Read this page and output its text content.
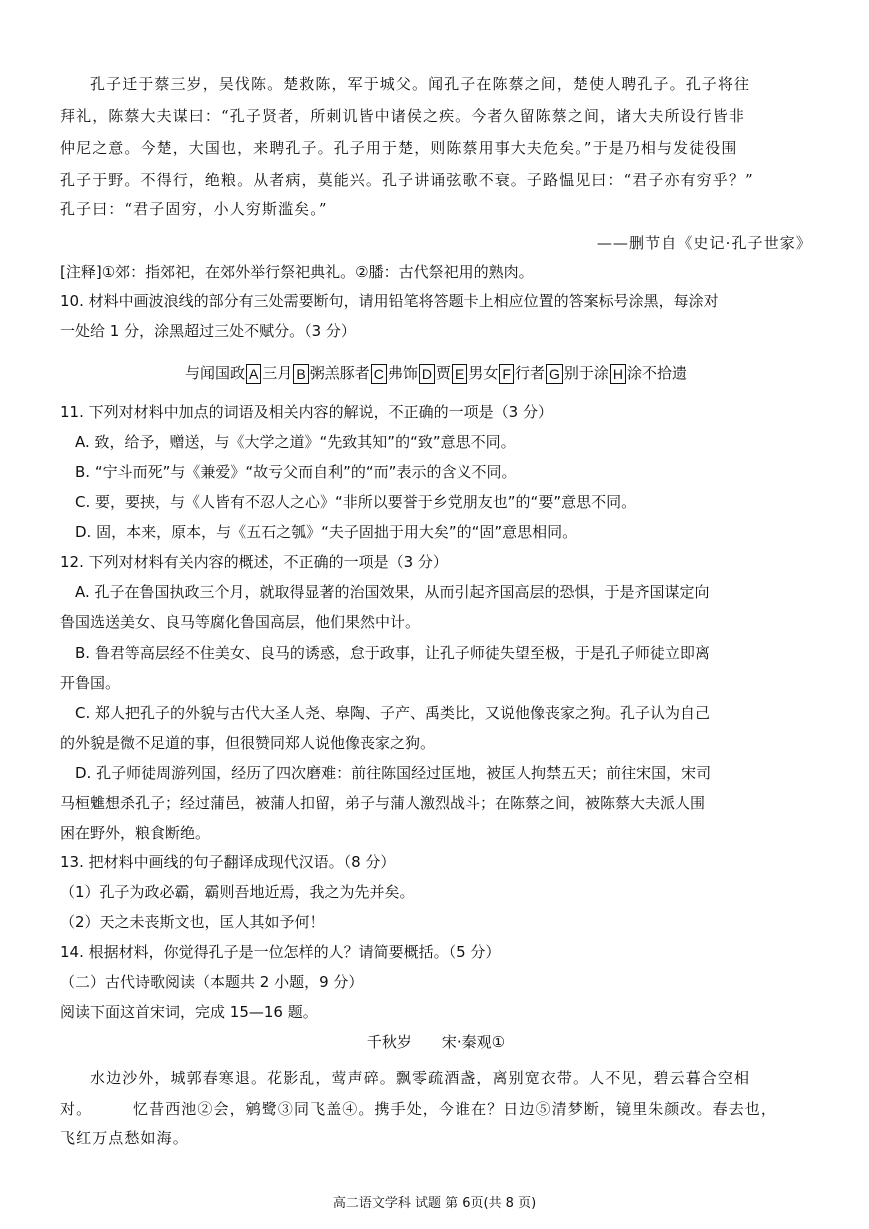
孔子迁于蔡三岁，吴伐陈。楚救陈，军于城父。闻孔子在陈蔡之间，楚使人聘孔子。孔子将往
拜礼，陈蔡大夫谋曰：“孔子贤者，所刺讥皆中诸侯之疾。今者久留陈蔡之间，诸大夫所设行皆非
仲尼之意。今楚，大国也，来聘孔子。孔子用于楚，则陈蔡用事大夫危矣。”于是乃相与发徒役围
孔子于野。不得行，绝粮。从者病，莫能兴。孔子讲诵弦歌不衰。子路愠见曰：“君子亦有穷乎？”
孔子曰：“君子固穷，小人穷斯滥矣。”
——删节自《史记·孔子世家》
[注释]①郊：指郊祀，在郊外举行祭祀典礼。②膰：古代祭祀用的熟肉。
10. 材料中画波浪线的部分有三处需要断句，请用铅笔将答题卡上相应位置的答案标号涂黑，每涂对
一处给 1 分，涂黑超过三处不赋分。（3 分）
与闻国政 A 三月 B 粥羔豚者 C 弗饰 D 贾 E 男女 F 行者 G 别于涂 H 涂不拾遗
11. 下列对材料中加点的词语及相关内容的解说，不正确的一项是（3 分）
A. 致，给予，赠送，与《大学之道》“先致其知”的“致”意思不同。
B. “宁斗而死”与《兼爱》“故亏父而自利”的“而”表示的含义不同。
C. 要，要挟，与《人皆有不忍人之心》“非所以要誉于乡党朋友也”的“要”意思不同。
D. 固，本来，原本，与《五石之瓠》“夫子固拙于用大矣”的“固”意思相同。
12. 下列对材料有关内容的概述，不正确的一项是（3 分）
A. 孔子在鲁国执政三个月，就取得显著的治国效果，从而引起齐国高层的恐惧，于是齐国谋定向
鲁国选送美女、良马等腐化鲁国高层，他们果然中计。
B. 鲁君等高层经不住美女、良马的诱惑，怠于政事，让孔子师徒失望至极，于是孔子师徒立即离
开鲁国。
C. 郑人把孔子的外貌与古代大圣人尧、皋陶、子产、禹类比，又说他像丧家之狗。孔子认为自己
的外貌是微不足道的事，但很赞同郑人说他像丧家之狗。
D. 孔子师徒周游列国，经历了四次磨难：前往陈国经过匡地，被匡人拘禁五天；前往宋国，宋司
马桓魋想杀孔子；经过蒲邑，被蒲人扣留，弟子与蒲人激烈战斗；在陈蔡之间，被陈蔡大夫派人围
困在野外，粮食断绝。
13. 把材料中画线的句子翻译成现代汉语。（8 分）
（1）孔子为政必霸，霸则吾地近焉，我之为先并矣。
（2）天之未丧斯文也，匡人其如予何！
14. 根据材料，你觉得孔子是一位怎样的人？请简要概括。（5 分）
（二）古代诗歌阅读（本题共 2 小题，9 分）
阅读下面这首宋词，完成 15—16 题。
千秋岁　　宋·秦观①
水边沙外，城郭春寒退。花影乱，莺声碎。飘零疏酒盏，离别宽衣带。人不见，碧云暮合空相
对。　　　忆昔西池②会，鹓鹭③同飞盖④。携手处，今谁在？日边⑤清梦断，镜里朱颜改。春去也，
飞红万点愁如海。
高二语文学科 试题 第 6页(共 8 页)
